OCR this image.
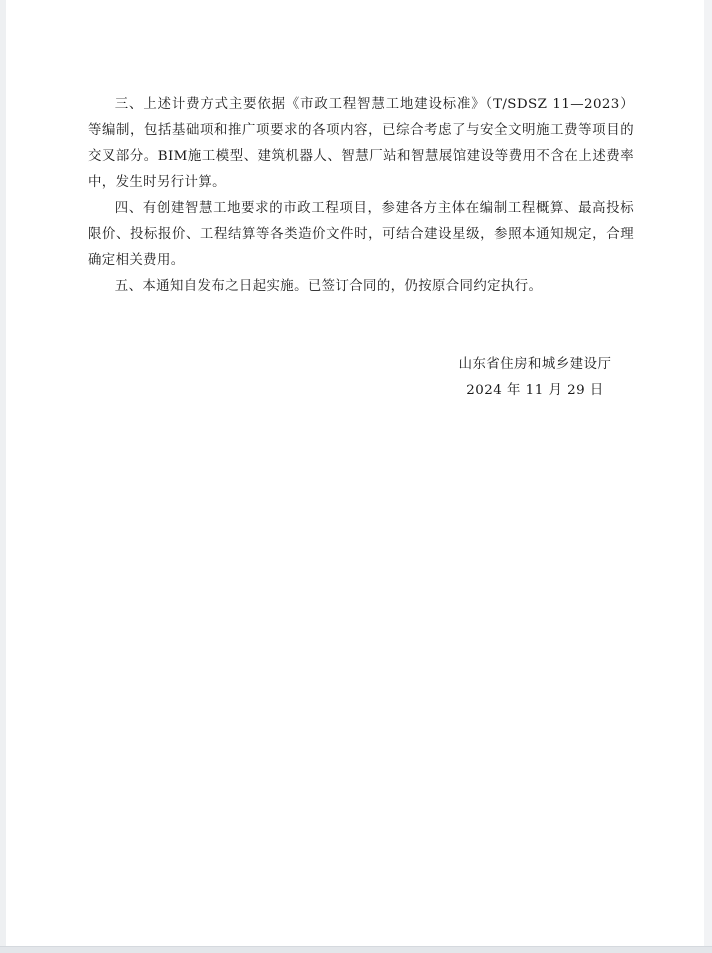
三、上述计费方式主要依据《市政工程智慧工地建设标准》（T/SDSZ 11—2023）等编制，包括基础项和推广项要求的各项内容，已综合考虑了与安全文明施工费等项目的交叉部分。BIM施工模型、建筑机器人、智慧厂站和智慧展馆建设等费用不含在上述费率中，发生时另行计算。

四、有创建智慧工地要求的市政工程项目，参建各方主体在编制工程概算、最高投标限价、投标报价、工程结算等各类造价文件时，可结合建设星级，参照本通知规定，合理确定相关费用。

五、本通知自发布之日起实施。已签订合同的，仍按原合同约定执行。

山东省住房和城乡建设厅
2024 年 11 月 29 日
